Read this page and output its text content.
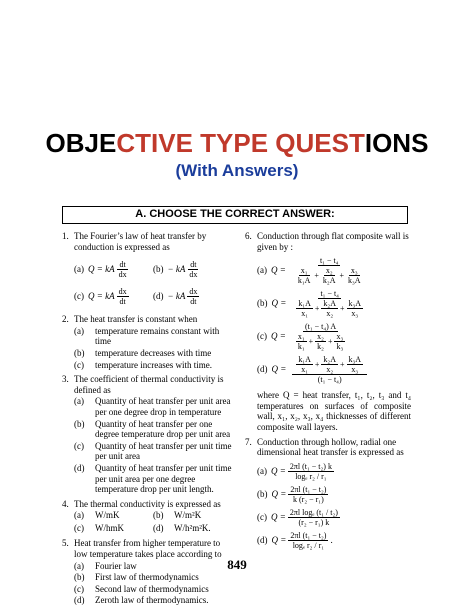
OBJECTIVE TYPE QUESTIONS
(With Answers)
A. CHOOSE THE CORRECT ANSWER:
1. The Fourier’s law of heat transfer by conduction is expressed as
(a) Q = kA $\frac{dt}{dx}$	(b) − kA $\frac{dt}{dx}$
(c) Q = kA $\frac{dx}{dt}$	(d) − kA $\frac{dx}{dt}$
2. The heat transfer is constant when
(a) temperature remains constant with time
(b) temperature decreases with time
(c) temperature increases with time.
3. The coefficient of thermal conductivity is defined as
(a) Quantity of heat transfer per unit area per one degree drop in temperature
(b) Quantity of heat transfer per one degree temperature drop per unit area
(c) Quantity of heat transfer per unit time per unit area
(d) Quantity of heat transfer per unit time per unit area per one degree temperature drop per unit length.
4. The thermal conductivity is expressed as
(a) W/mK	(b) W/m²K
(c) W/hmK	(d) W/h²m²K.
5. Heat transfer from higher temperature to low temperature takes place according to
(a) Fourier law
(b) First law of thermodynamics
(c) Second law of thermodynamics
(d) Zeroth law of thermodynamics.
6. Conduction through flat composite wall is given by :
(a) $Q = \frac{\text{t₁ − t₄}}{\frac{\text{x₁}}{\text{k₁A}} + \frac{\text{x₂}}{\text{k₂A}} + \frac{\text{x₃}}{\text{k₃A}}}$
(b) $Q = \frac{\text{t₁ − t₄}}{\frac{\text{k₁A}}{\text{x₁}} + \frac{\text{k₂A}}{\text{x₂}} + \frac{\text{k₃A}}{\text{x₃}}}$
(c) $Q = \frac{\text{(t₁ − t₄) A}}{\frac{\text{x₁}}{\text{k₁}} + \frac{\text{x₂}}{\text{k₂}} + \frac{\text{x₃}}{\text{k₃}}}$
(d) $Q = \frac{\frac{\text{k₁A}}{\text{x₁}} + \frac{\text{k₂A}}{\text{x₂}} + \frac{\text{k₃A}}{\text{x₃}}}{\text{(t₁ − t₄)}}$
where Q = heat transfer, t₁, t₂, t₃ and t₄ temperatures on surfaces of composite wall, x₁, x₂, x₃, x₄ thicknesses of different composite wall layers.
7. Conduction through hollow, radial one dimensional heat transfer is expressed as
(a) $Q = \frac{\text{2πl (t₁ − t₂) k}}{\text{logₑ r₂ / r₁}}$
(b) $Q = \frac{\text{2πl (t₁ − t₂)}}{\text{k (r₂ − r₁)}}$
(c) $Q = \frac{\text{2πl logₑ (t₁ / t₂)}}{\text{(r₂ − r₁) k}}$
(d) $Q = \frac{\text{2πl (t₁ − t₂)}}{\text{logₑ r₂ / r₁}}$ .
849
